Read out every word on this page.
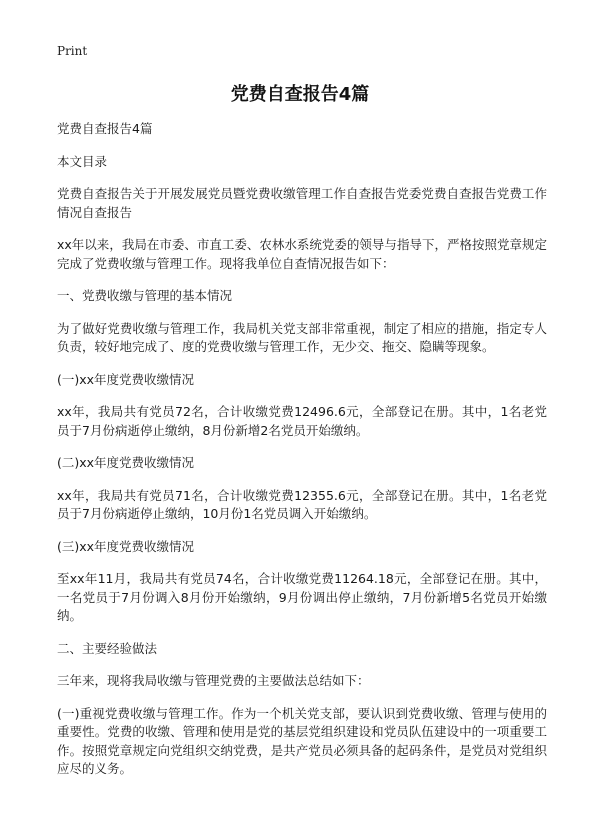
Print
党费自查报告4篇

党费自查报告4篇

本文目录

党费自查报告关于开展发展党员暨党费收缴管理工作自查报告党委党费自查报告党费工作情况自查报告

xx年以来，我局在市委、市直工委、农林水系统党委的领导与指导下，严格按照党章规定完成了党费收缴与管理工作。现将我单位自查情况报告如下：

一、党费收缴与管理的基本情况

为了做好党费收缴与管理工作，我局机关党支部非常重视，制定了相应的措施，指定专人负责，较好地完成了、度的党费收缴与管理工作，无少交、拖交、隐瞒等现象。

(一)xx年度党费收缴情况

xx年，我局共有党员72名，合计收缴党费12496.6元，全部登记在册。其中，1名老党员于7月份病逝停止缴纳，8月份新增2名党员开始缴纳。

(二)xx年度党费收缴情况

xx年，我局共有党员71名，合计收缴党费12355.6元，全部登记在册。其中，1名老党员于7月份病逝停止缴纳，10月份1名党员调入开始缴纳。

(三)xx年度党费收缴情况

至xx年11月，我局共有党员74名，合计收缴党费11264.18元，全部登记在册。其中，一名党员于7月份调入8月份开始缴纳，9月份调出停止缴纳，7月份新增5名党员开始缴纳。

二、主要经验做法

三年来，现将我局收缴与管理党费的主要做法总结如下：

(一)重视党费收缴与管理工作。作为一个机关党支部，要认识到党费收缴、管理与使用的重要性。党费的收缴、管理和使用是党的基层党组织建设和党员队伍建设中的一项重要工作。按照党章规定向党组织交纳党费，是共产党员必须具备的起码条件，是党员对党组织应尽的义务。
